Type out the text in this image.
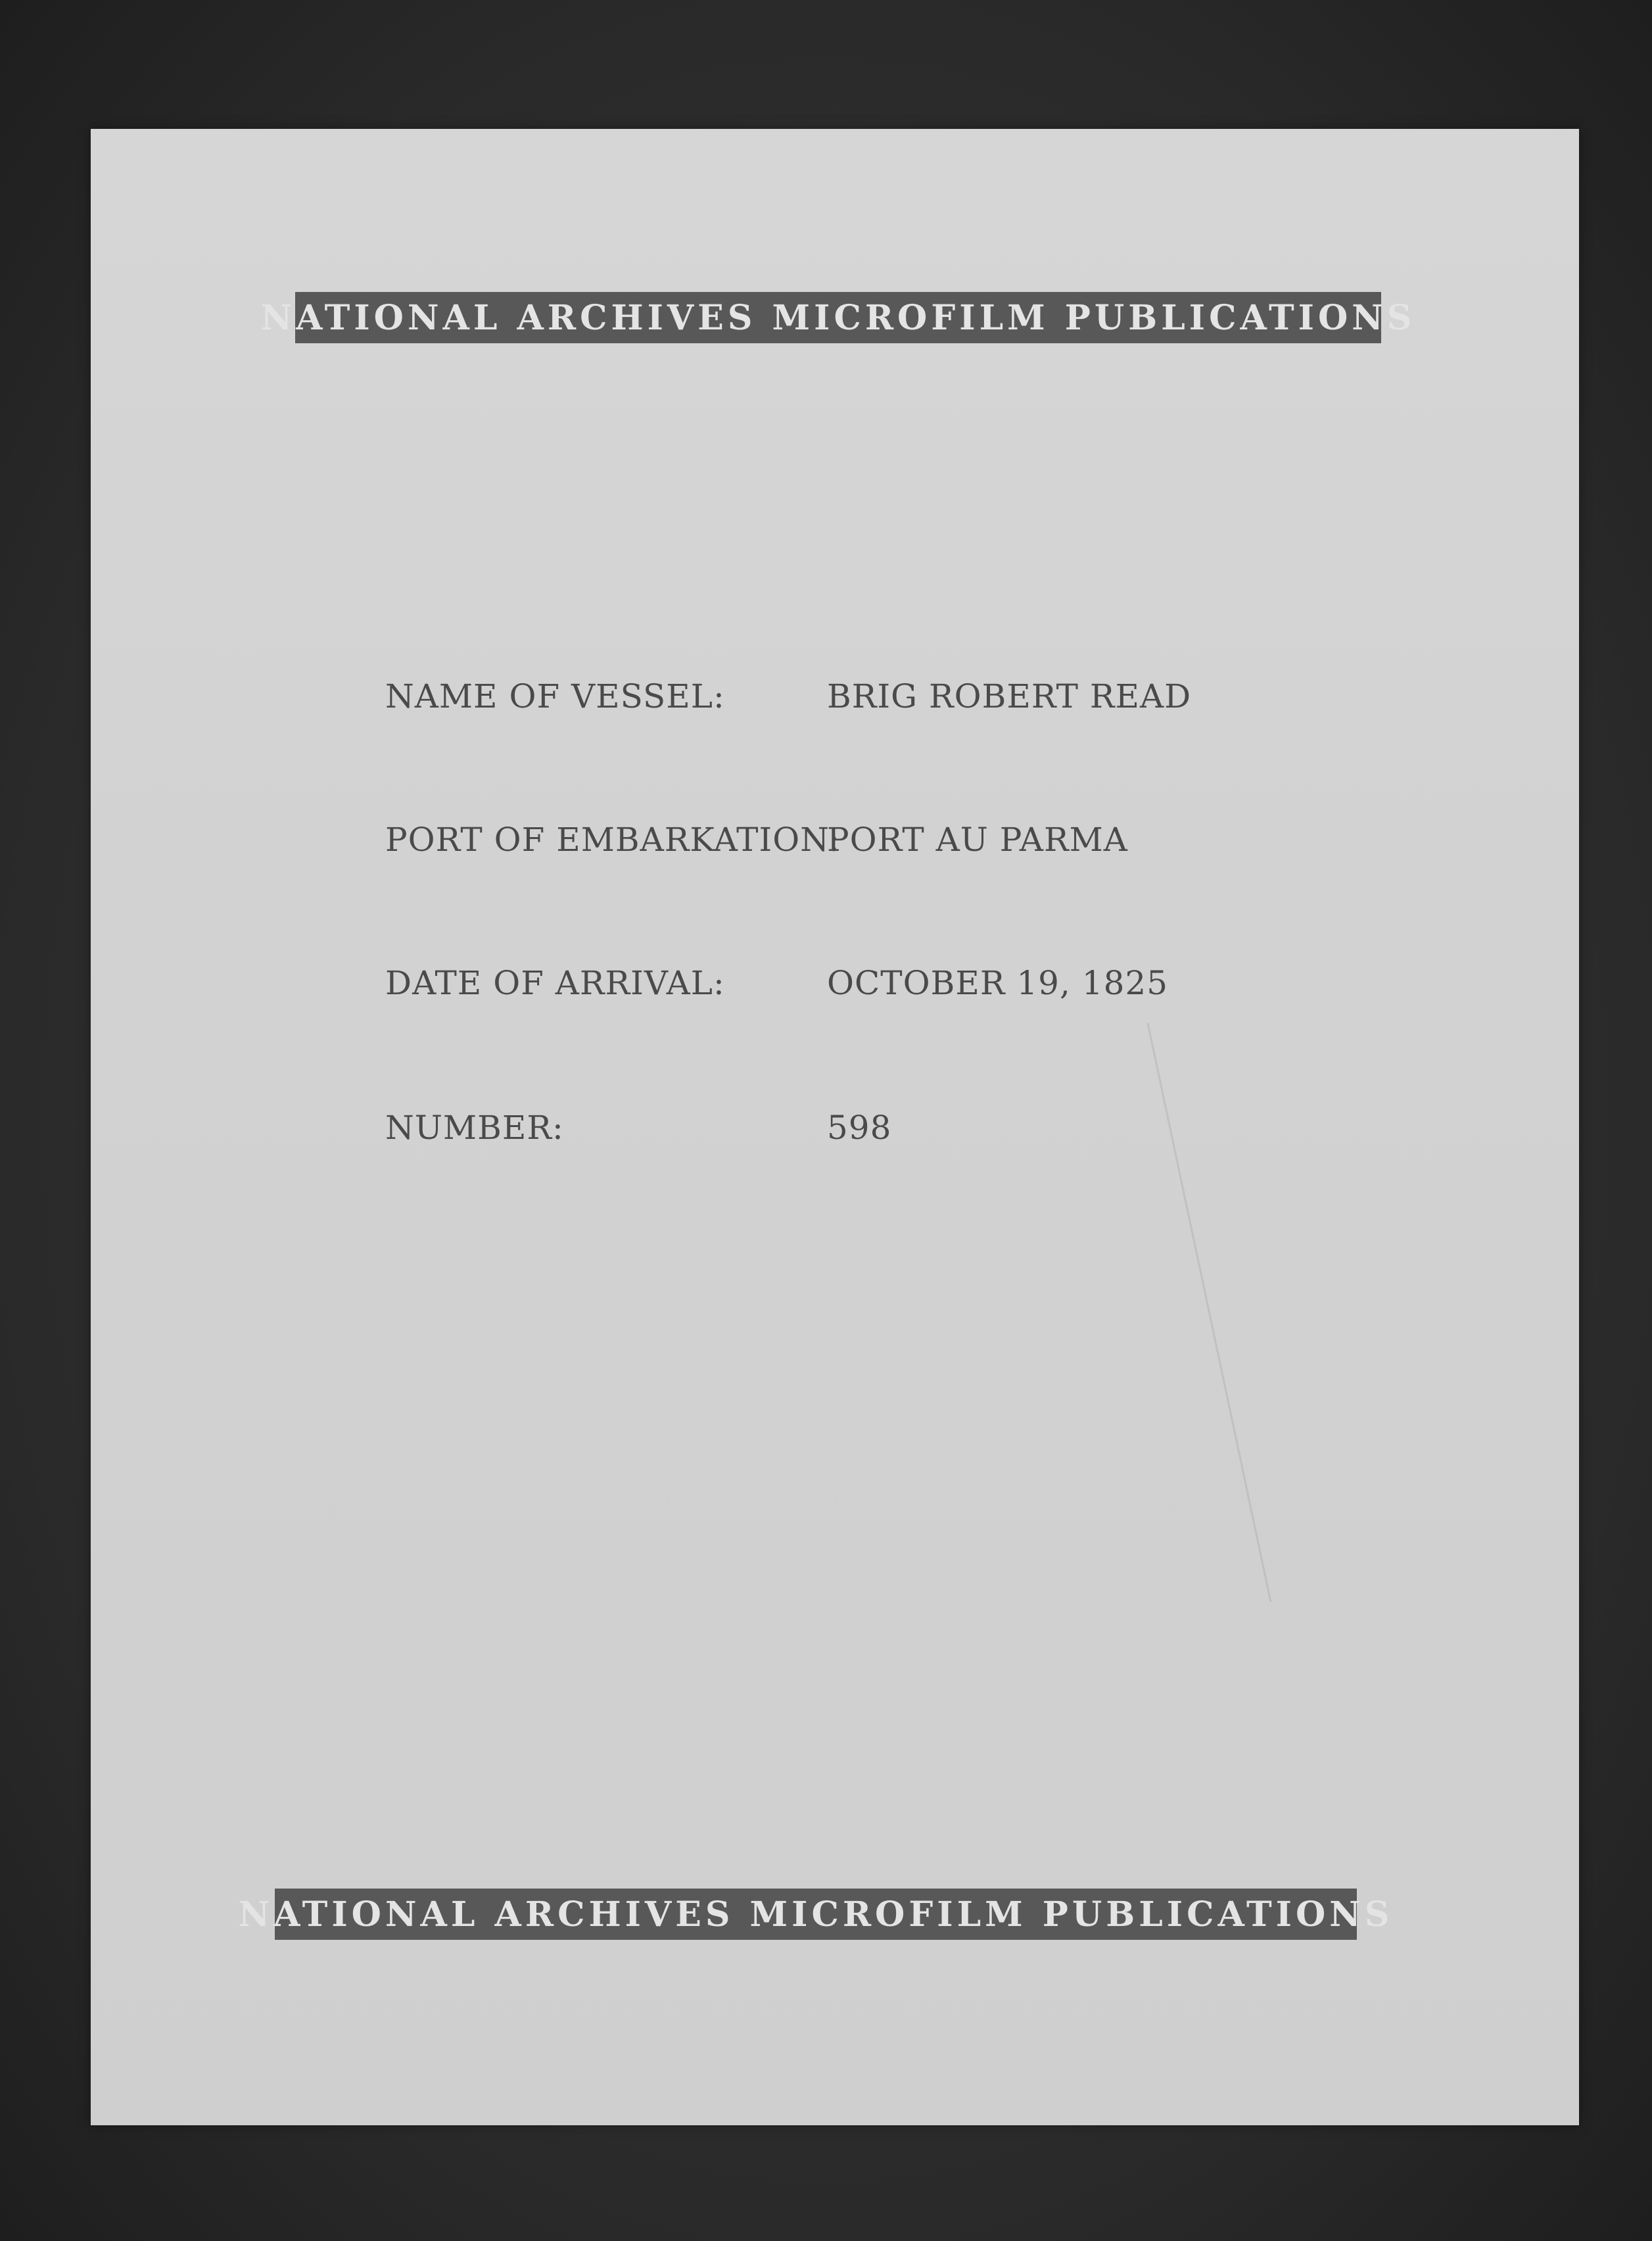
NATIONAL ARCHIVES MICROFILM PUBLICATIONS
NAME OF VESSEL:	BRIG ROBERT READ
PORT OF EMBARKATION:
PORT AU PARMA
DATE OF ARRIVAL:	OCTOBER 19, 1825
NUMBER:	598
NATIONAL ARCHIVES MICROFILM PUBLICATIONS
